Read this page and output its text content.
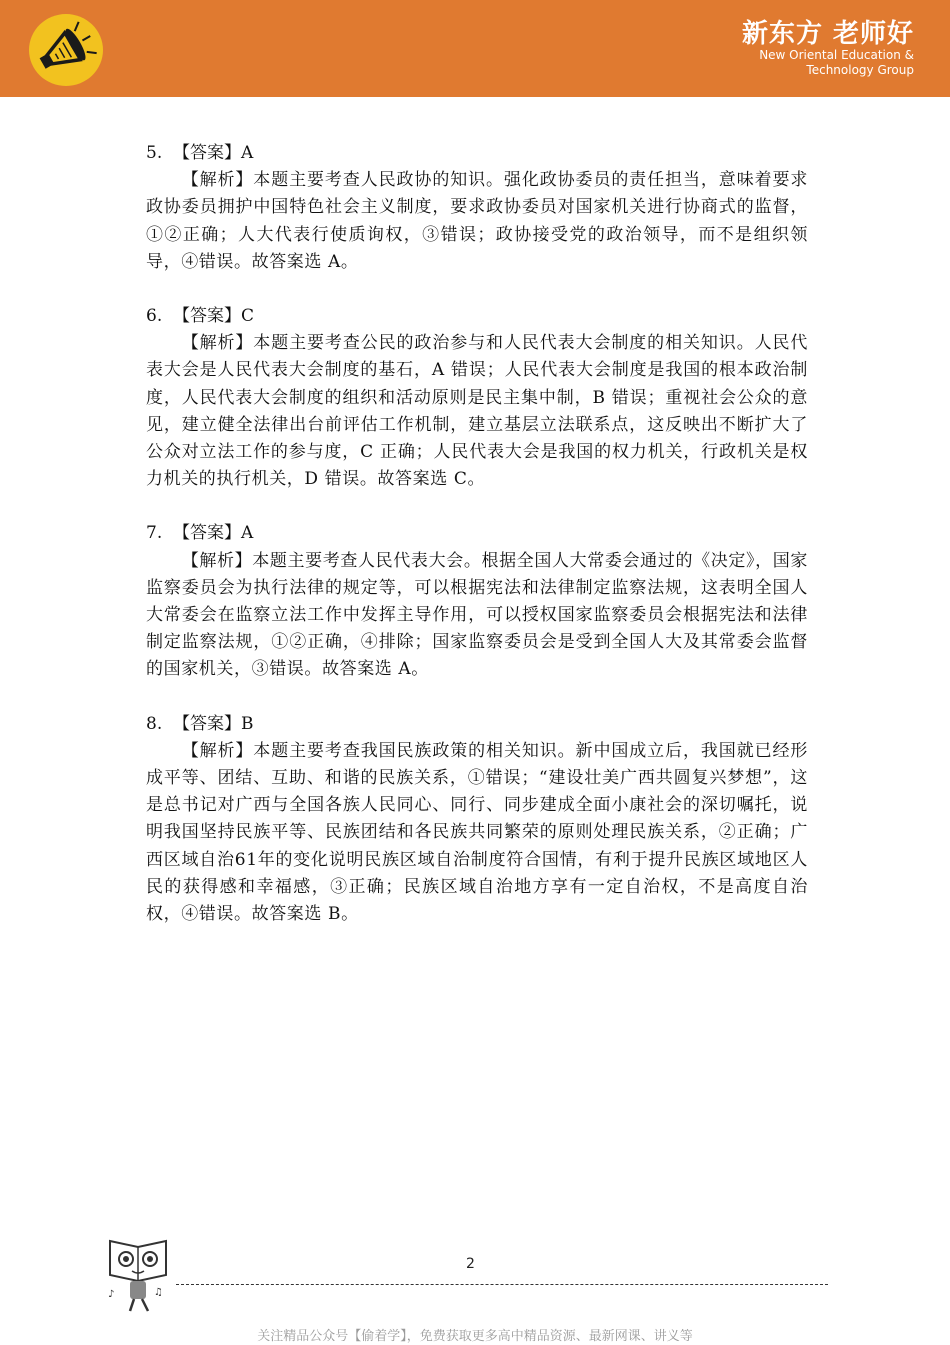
新东方 老师好
New Oriental Education &
Technology Group

5. 【答案】A

【解析】本题主要考查人民政协的知识。强化政协委员的责任担当，意味着要求政协委员拥护中国特色社会主义制度，要求政协委员对国家机关进行协商式的监督，①②正确；人大代表行使质询权，③错误；政协接受党的政治领导，而不是组织领导，④错误。故答案选 A。

6. 【答案】C

【解析】本题主要考查公民的政治参与和人民代表大会制度的相关知识。人民代表大会是人民代表大会制度的基石，A 错误；人民代表大会制度是我国的根本政治制度，人民代表大会制度的组织和活动原则是民主集中制，B 错误；重视社会公众的意见，建立健全法律出台前评估工作机制，建立基层立法联系点，这反映出不断扩大了公众对立法工作的参与度，C 正确；人民代表大会是我国的权力机关，行政机关是权力机关的执行机关，D 错误。故答案选 C。

7. 【答案】A

【解析】本题主要考查人民代表大会。根据全国人大常委会通过的《决定》，国家监察委员会为执行法律的规定等，可以根据宪法和法律制定监察法规，这表明全国人大常委会在监察立法工作中发挥主导作用，可以授权国家监察委员会根据宪法和法律制定监察法规，①②正确，④排除；国家监察委员会是受到全国人大及其常委会监督的国家机关，③错误。故答案选 A。

8. 【答案】B

【解析】本题主要考查我国民族政策的相关知识。新中国成立后，我国就已经形成平等、团结、互助、和谐的民族关系，①错误；“建设壮美广西共圆复兴梦想”，这是总书记对广西与全国各族人民同心、同行、同步建成全面小康社会的深切嘱托，说明我国坚持民族平等、民族团结和各民族共同繁荣的原则处理民族关系，②正确；广西区域自治61年的变化说明民族区域自治制度符合国情，有利于提升民族区域地区人民的获得感和幸福感，③正确；民族区域自治地方享有一定自治权，不是高度自治权，④错误。故答案选 B。

♪	♫
2
关注精品公众号【偷着学】，免费获取更多高中精品资源、最新网课、讲义等
